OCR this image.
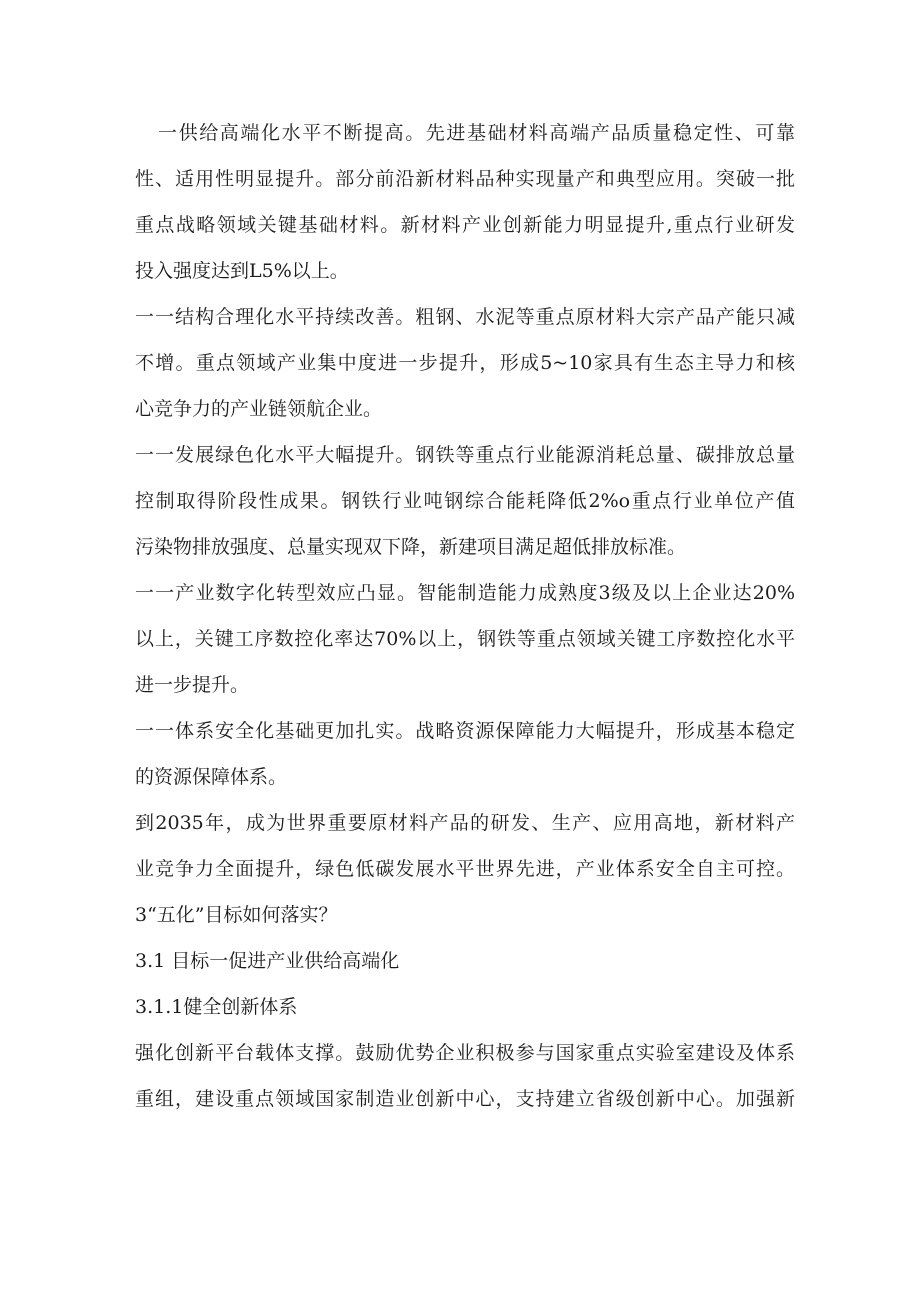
一供给高端化水平不断提高。先进基础材料高端产品质量稳定性、可靠
性、适用性明显提升。部分前沿新材料品种实现量产和典型应用。突破一批
重点战略领域关键基础材料。新材料产业创新能力明显提升,重点行业研发
投入强度达到L5%以上。
一一结构合理化水平持续改善。粗钢、水泥等重点原材料大宗产品产能只减
不增。重点领域产业集中度进一步提升，形成5~10家具有生态主导力和核
心竞争力的产业链领航企业。
一一发展绿色化水平大幅提升。钢铁等重点行业能源消耗总量、碳排放总量
控制取得阶段性成果。钢铁行业吨钢综合能耗降低2%o重点行业单位产值
污染物排放强度、总量实现双下降，新建项目满足超低排放标准。
一一产业数字化转型效应凸显。智能制造能力成熟度3级及以上企业达20%
以上，关键工序数控化率达70%以上，钢铁等重点领域关键工序数控化水平
进一步提升。
一一体系安全化基础更加扎实。战略资源保障能力大幅提升，形成基本稳定
的资源保障体系。
到2035年，成为世界重要原材料产品的研发、生产、应用高地，新材料产
业竞争力全面提升，绿色低碳发展水平世界先进，产业体系安全自主可控。
3“五化”目标如何落实？
3.1 目标一促进产业供给高端化
3.1.1健全创新体系
强化创新平台载体支撑。鼓励优势企业积极参与国家重点实验室建设及体系
重组，建设重点领域国家制造业创新中心，支持建立省级创新中心。加强新
